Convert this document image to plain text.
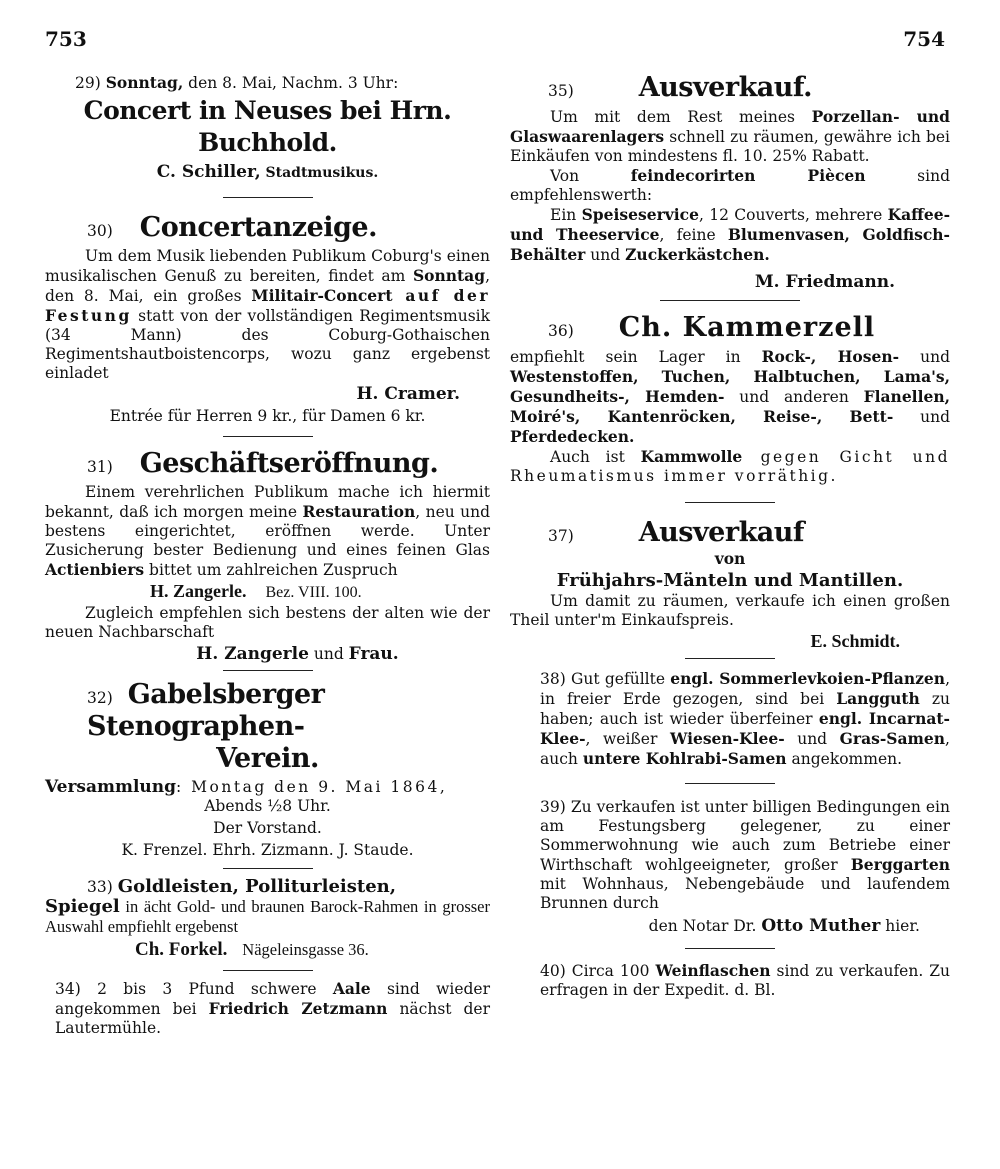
753	754

29) Sonntag, den 8. Mai, Nachm. 3 Uhr:

Concert in Neuses bei Hrn. Buchhold.

C. Schiller, Stadtmusikus.

30) Concertanzeige.

Um dem Musik liebenden Publikum Coburg's einen musikalischen Genuß zu bereiten, findet am Sonntag, den 8. Mai, ein großes Militair-Concert auf der Festung statt von der vollständigen Regimentsmusik (34 Mann) des Coburg-Gothaischen Regimentshautboistencorps, wozu ganz ergebenst einladet

H. Cramer.

Entrée für Herren 9 kr., für Damen 6 kr.

31) Geschäftseröffnung.

Einem verehrlichen Publikum mache ich hiermit bekannt, daß ich morgen meine Restauration, neu und bestens eingerichtet, eröffnen werde. Unter Zusicherung bester Bedienung und eines feinen Glas Actienbiers bittet um zahlreichen Zuspruch

H. Zangerle. Bez. VIII. 100.

Zugleich empfehlen sich bestens der alten wie der neuen Nachbarschaft

H. Zangerle und Frau.

32) Gabelsberger Stenographen-

Verein.

Versammlung: Montag den 9. Mai 1864,

Abends ½8 Uhr.

Der Vorstand.

K. Frenzel. Ehrh. Zizmann. J. Staude.

33) Goldleisten, Polliturleisten,

Spiegel in ächt Gold- und braunen Barock-Rahmen in grosser Auswahl empfiehlt ergebenst

Ch. Forkel. Nägeleinsgasse 36.

34) 2 bis 3 Pfund schwere Aale sind wieder angekommen bei Friedrich Zetzmann nächst der Lautermühle.

35) Ausverkauf.

Um mit dem Rest meines Porzellan- und Glaswaarenlagers schnell zu räumen, gewähre ich bei Einkäufen von mindestens fl. 10. 25% Rabatt.

Von feindecorirten Piècen sind empfehlenswerth:

Ein Speiseservice, 12 Couverts, mehrere Kaffee- und Theeservice, feine Blumenvasen, Goldfisch-Behälter und Zuckerkästchen.

M. Friedmann.

36) Ch. Kammerzell

empfiehlt sein Lager in Rock-, Hosen- und Westenstoffen, Tuchen, Halbtuchen, Lama's, Gesundheits-, Hemden- und anderen Flanellen, Moiré's, Kantenröcken, Reise-, Bett- und Pferdedecken.

Auch ist Kammwolle gegen Gicht und Rheumatismus immer vorräthig.

37) Ausverkauf

von

Frühjahrs-Mänteln und Mantillen.

Um damit zu räumen, verkaufe ich einen großen Theil unter'm Einkaufspreis.

E. Schmidt.

38) Gut gefüllte engl. Sommerlevkoien-Pflanzen, in freier Erde gezogen, sind bei Langguth zu haben; auch ist wieder überfeiner engl. Incarnat-Klee-, weißer Wiesen-Klee- und Gras-Samen, auch untere Kohlrabi-Samen angekommen.

39) Zu verkaufen ist unter billigen Bedingungen ein am Festungsberg gelegener, zu einer Sommerwohnung wie auch zum Betriebe einer Wirthschaft wohlgeeigneter, großer Berggarten mit Wohnhaus, Nebengebäude und laufendem Brunnen durch

den Notar Dr. Otto Muther hier.

40) Circa 100 Weinflaschen sind zu verkaufen. Zu erfragen in der Expedit. d. Bl.
